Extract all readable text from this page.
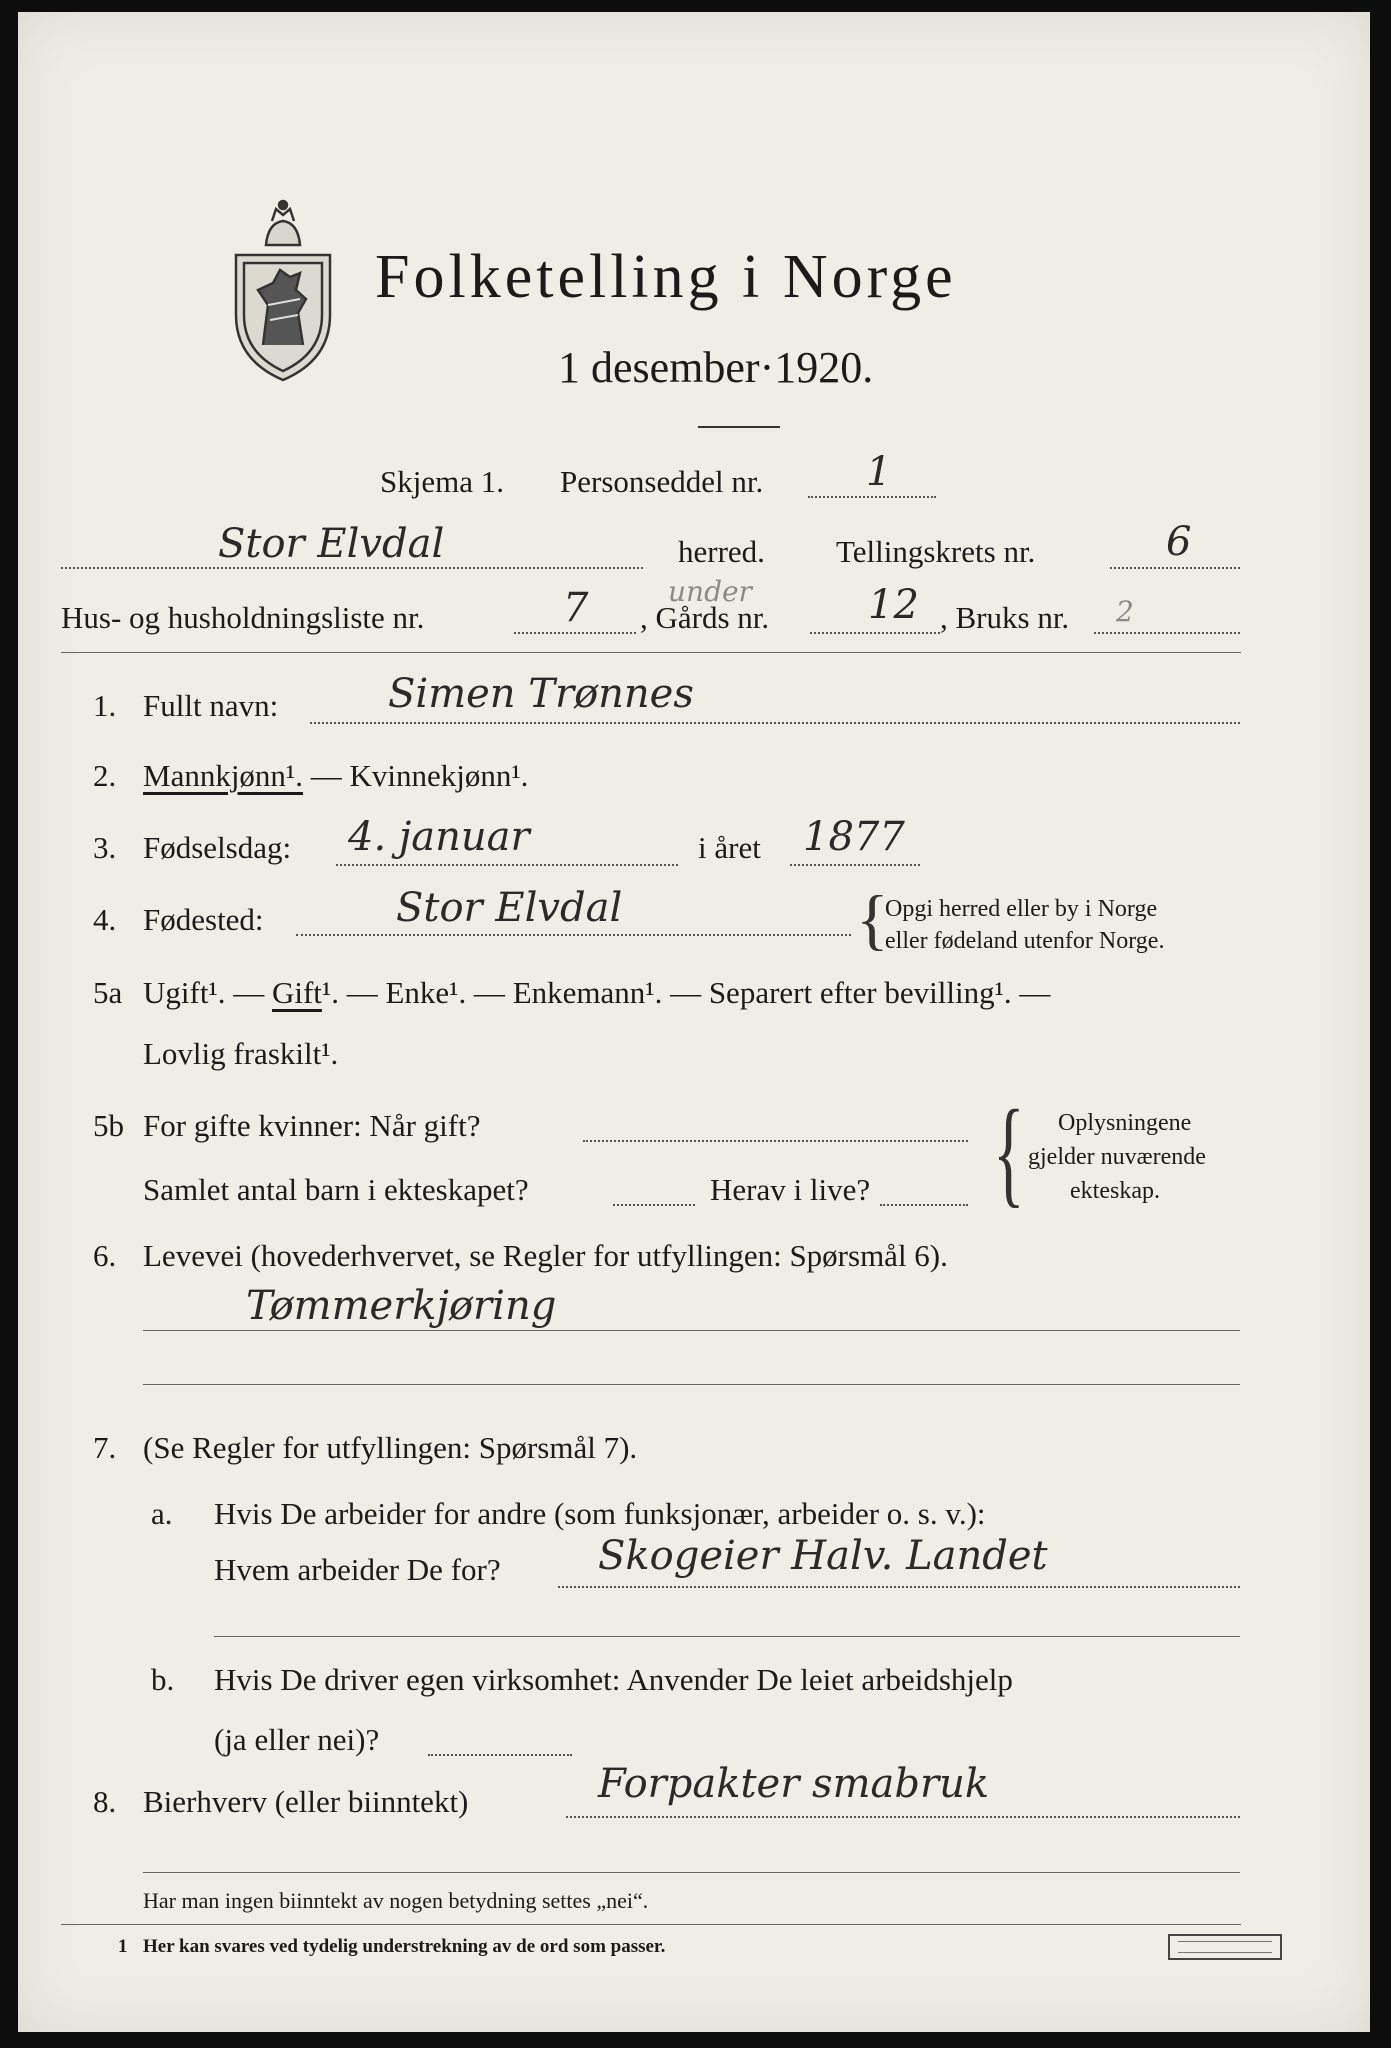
Folketelling i Norge
1 desember·1920.
Skjema 1. Personseddel nr.	1
Stor Elvdal	herred. Tellingskrets nr.	6
Hus- og husholdningsliste nr.	7	under
, Gårds nr. 12 , Bruks nr. 2
1. Fullt navn:	Simen Trønnes
2. Mannkjønn¹. — Kvinnekjønn¹.
3. Fødselsdag: 4. januar	i året 1877
4. Fødested:	Stor Elvdal	{
Opgi herred eller by i Norge
eller fødeland utenfor Norge.
5a Ugift¹. — Gift¹. — Enke¹. — Enkemann¹. — Separert efter bevilling¹. —
Lovlig fraskilt¹.
5b For gifte kvinner: Når gift?
Samlet antal barn i ekteskapet?	Herav i live? { Oplysningene
gjelder nuværende
ekteskap.
6. Levevei (hovederhvervet, se Regler for utfyllingen: Spørsmål 6).
Tømmerkjøring
7. (Se Regler for utfyllingen: Spørsmål 7).
a. Hvis De arbeider for andre (som funksjonær, arbeider o. s. v.):
Hvem arbeider De for? Skogeier Halv. Landet
b. Hvis De driver egen virksomhet: Anvender De leiet arbeidshjelp
(ja eller nei)?
8. Bierhverv (eller biinntekt)	Forpakter smabruk
Har man ingen biinntekt av nogen betydning settes „nei“.
1 Her kan svares ved tydelig understrekning av de ord som passer.
